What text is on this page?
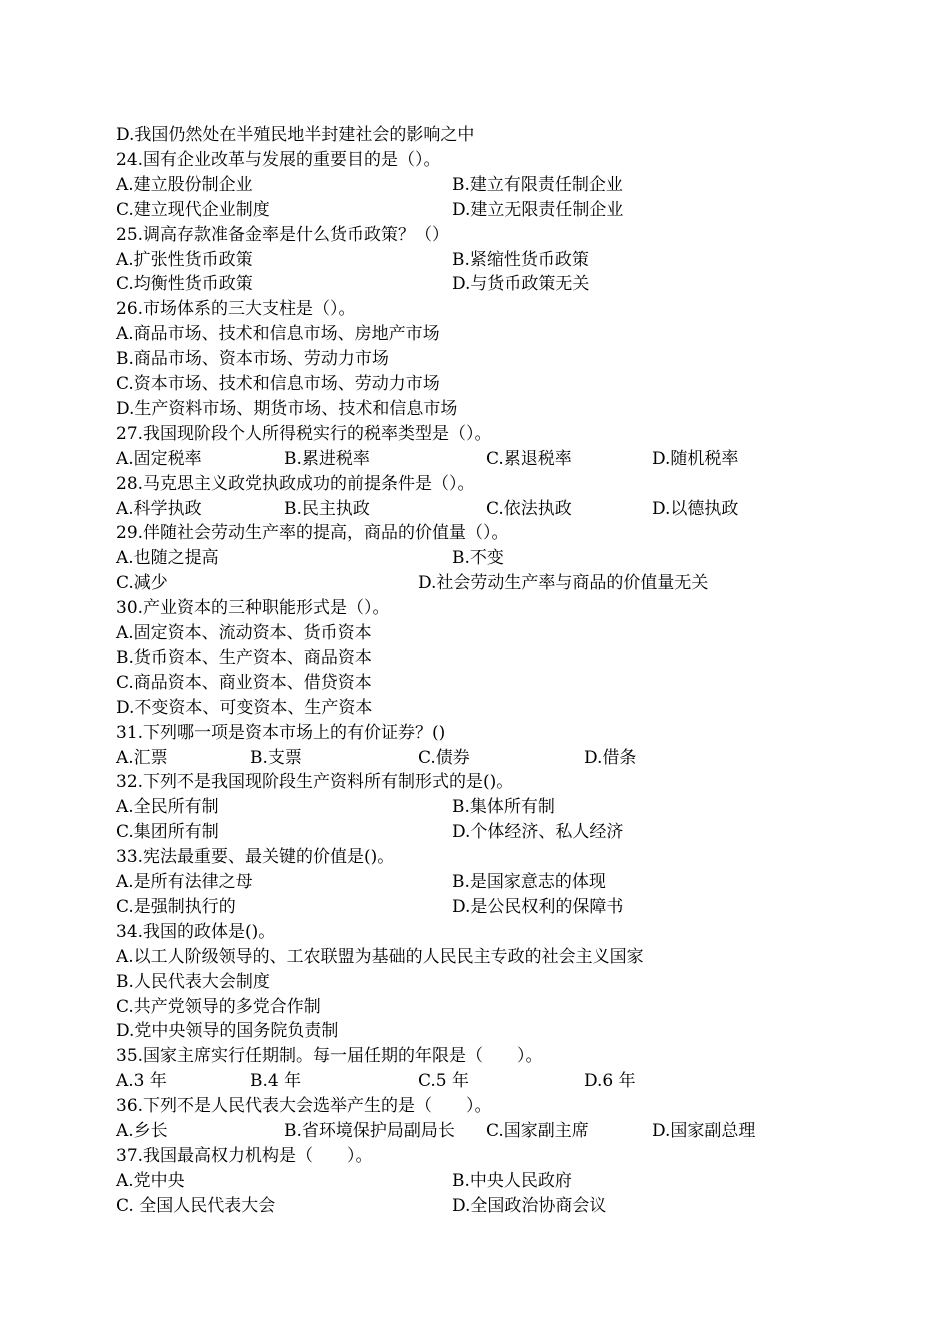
D.我国仍然处在半殖民地半封建社会的影响之中
24.国有企业改革与发展的重要目的是（）。
A.建立股份制企业	B.建立有限责任制企业
C.建立现代企业制度	D.建立无限责任制企业
25.调高存款准备金率是什么货币政策？（）
A.扩张性货币政策	B.紧缩性货币政策
C.均衡性货币政策	D.与货币政策无关
26.市场体系的三大支柱是（）。
A.商品市场、技术和信息市场、房地产市场
B.商品市场、资本市场、劳动力市场
C.资本市场、技术和信息市场、劳动力市场
D.生产资料市场、期货市场、技术和信息市场
27.我国现阶段个人所得税实行的税率类型是（）。
A.固定税率	B.累进税率	C.累退税率	D.随机税率
28.马克思主义政党执政成功的前提条件是（）。
A.科学执政	B.民主执政	C.依法执政	D.以德执政
29.伴随社会劳动生产率的提高，商品的价值量（）。
A.也随之提高	B.不变
C.减少	D.社会劳动生产率与商品的价值量无关
30.产业资本的三种职能形式是（）。
A.固定资本、流动资本、货币资本
B.货币资本、生产资本、商品资本
C.商品资本、商业资本、借贷资本
D.不变资本、可变资本、生产资本
31.下列哪一项是资本市场上的有价证券？()
A.汇票	B.支票	C.债券	D.借条
32.下列不是我国现阶段生产资料所有制形式的是()。
A.全民所有制	B.集体所有制
C.集团所有制	D.个体经济、私人经济
33.宪法最重要、最关键的价值是()。
A.是所有法律之母	B.是国家意志的体现
C.是强制执行的	D.是公民权利的保障书
34.我国的政体是()。
A.以工人阶级领导的、工农联盟为基础的人民民主专政的社会主义国家
B.人民代表大会制度
C.共产党领导的多党合作制
D.党中央领导的国务院负责制
35.国家主席实行任期制。每一届任期的年限是（　　）。
A.3 年	B.4 年	C.5 年	D.6 年
36.下列不是人民代表大会选举产生的是（　　）。
A.乡长	B.省环境保护局副局长 C.国家副主席	D.国家副总理
37.我国最高权力机构是（　　）。
A.党中央	B.中央人民政府
C. 全国人民代表大会	D.全国政治协商会议
